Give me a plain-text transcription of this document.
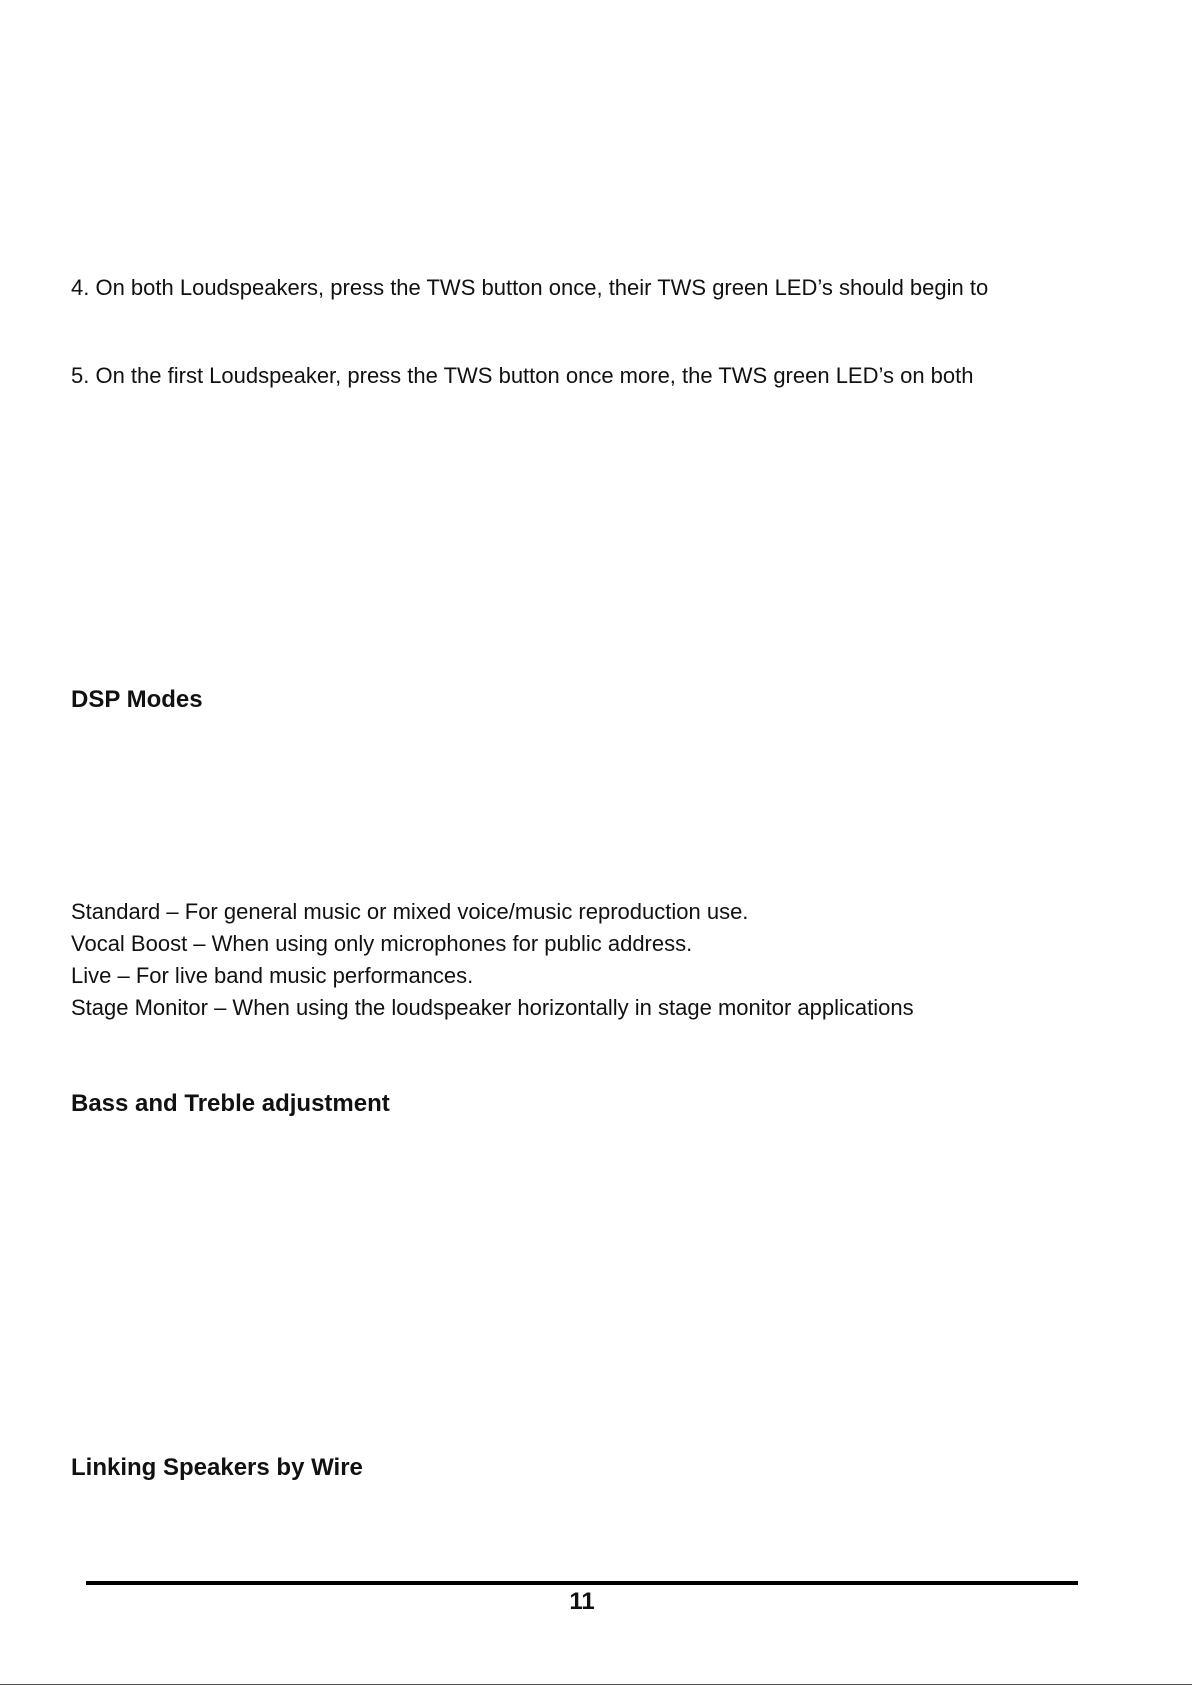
4. On both Loudspeakers, press the TWS button once, their TWS green LED’s should begin to

5. On the first Loudspeaker, press the TWS button once more, the TWS green LED’s on both

DSP Modes

Standard – For general music or mixed voice/music reproduction use.

Vocal Boost – When using only microphones for public address.

Live – For live band music performances.

Stage Monitor – When using the loudspeaker horizontally in stage monitor applications

Bass and Treble adjustment
Linking Speakers by Wire
11
